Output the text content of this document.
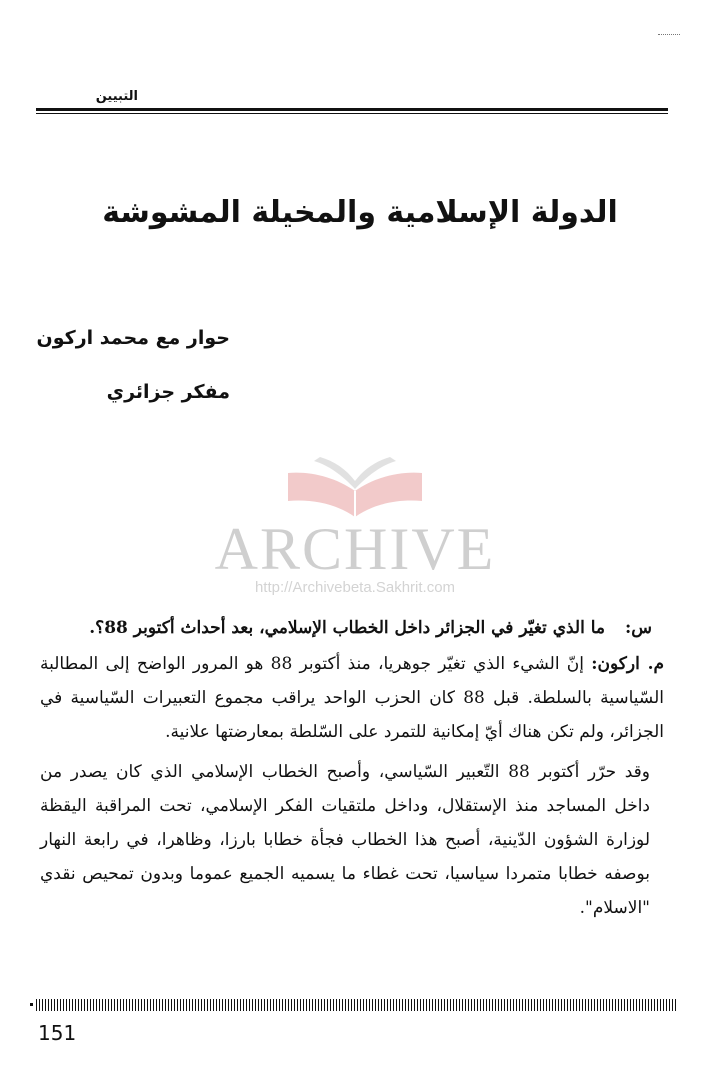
التبيين
الدولة الإسلامية والمخيلة المشوشة
حوار مع محمد اركون
مفكر جزائري
ARCHIVE
http://Archivebeta.Sakhrit.com

س: ما الذي تغيّر في الجزائر داخل الخطاب الإسلامي، بعد أحداث أكتوبر 88؟.

م. اركون: إنّ الشيء الذي تغيّر جوهريا، منذ أكتوبر 88 هو المرور الواضح إلى المطالبة السّياسية بالسلطة. قبل 88 كان الحزب الواحد يراقب مجموع التعبيرات السّياسية في الجزائر، ولم تكن هناك أيّ إمكانية للتمرد على السّلطة بمعارضتها علانية.

وقد حرّر أكتوبر 88 التّعبير السّياسي، وأصبح الخطاب الإسلامي الذي كان يصدر من داخل المساجد منذ الإستقلال، وداخل ملتقيات الفكر الإسلامي، تحت المراقبة اليقظة لوزارة الشؤون الدّينية، أصبح هذا الخطاب فجأة خطابا بارزا، وظاهرا، في رابعة النهار بوصفه خطابا متمردا سياسيا، تحت غطاء ما يسميه الجميع عموما وبدون تمحيص نقدي "الاسلام".

151
